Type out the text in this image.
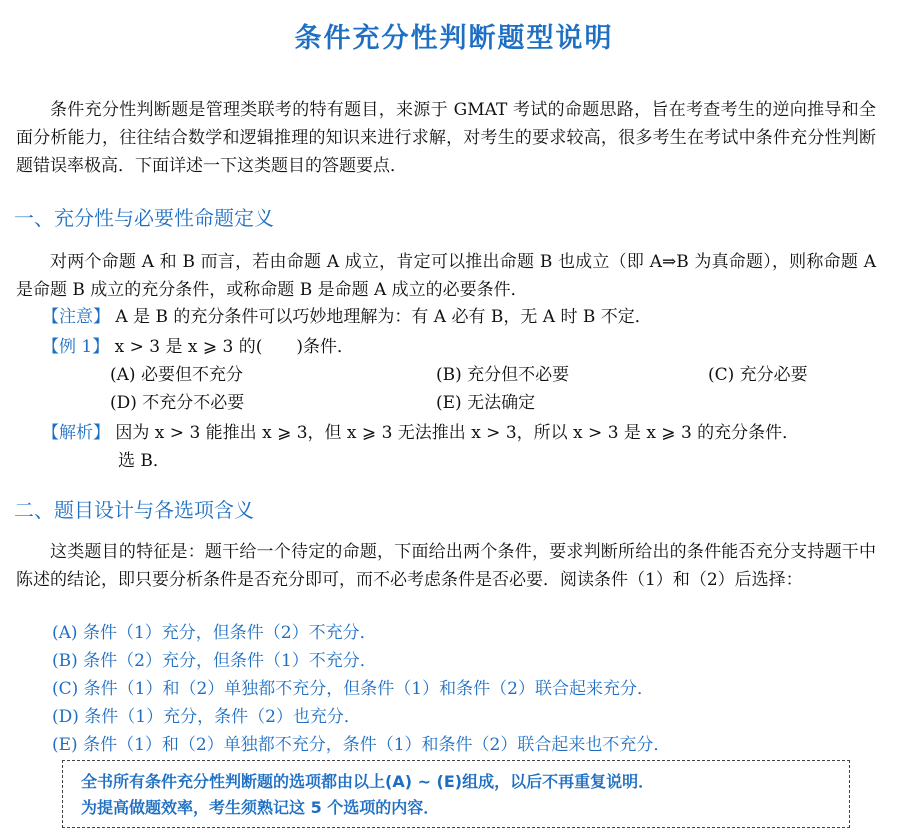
条件充分性判断题型说明
条件充分性判断题是管理类联考的特有题目，来源于 GMAT 考试的命题思路，旨在考查考生的逆向推导和全面分析能力，往往结合数学和逻辑推理的知识来进行求解，对考生的要求较高，很多考生在考试中条件充分性判断题错误率极高．下面详述一下这类题目的答题要点．
一、充分性与必要性命题定义
对两个命题 A 和 B 而言，若由命题 A 成立，肯定可以推出命题 B 也成立（即 A⇒B 为真命题），则称命题 A 是命题 B 成立的充分条件，或称命题 B 是命题 A 成立的必要条件．
【注意】 A 是 B 的充分条件可以巧妙地理解为：有 A 必有 B，无 A 时 B 不定．
【例 1】 x > 3 是 x ⩾ 3 的(　　)条件．
(A) 必要但不充分	(B) 充分但不必要	(C) 充分必要
(D) 不充分不必要	(E) 无法确定
【解析】 因为 x > 3 能推出 x ⩾ 3，但 x ⩾ 3 无法推出 x > 3，所以 x > 3 是 x ⩾ 3 的充分条件．
选 B．
二、题目设计与各选项含义
这类题目的特征是：题干给一个待定的命题，下面给出两个条件，要求判断所给出的条件能否充分支持题干中陈述的结论，即只要分析条件是否充分即可，而不必考虑条件是否必要．阅读条件（1）和（2）后选择：
(A) 条件（1）充分，但条件（2）不充分．
(B) 条件（2）充分，但条件（1）不充分．
(C) 条件（1）和（2）单独都不充分，但条件（1）和条件（2）联合起来充分．
(D) 条件（1）充分，条件（2）也充分．
(E) 条件（1）和（2）单独都不充分，条件（1）和条件（2）联合起来也不充分．
全书所有条件充分性判断题的选项都由以上(A) ~ (E)组成，以后不再重复说明．
为提高做题效率，考生须熟记这 5 个选项的内容．
